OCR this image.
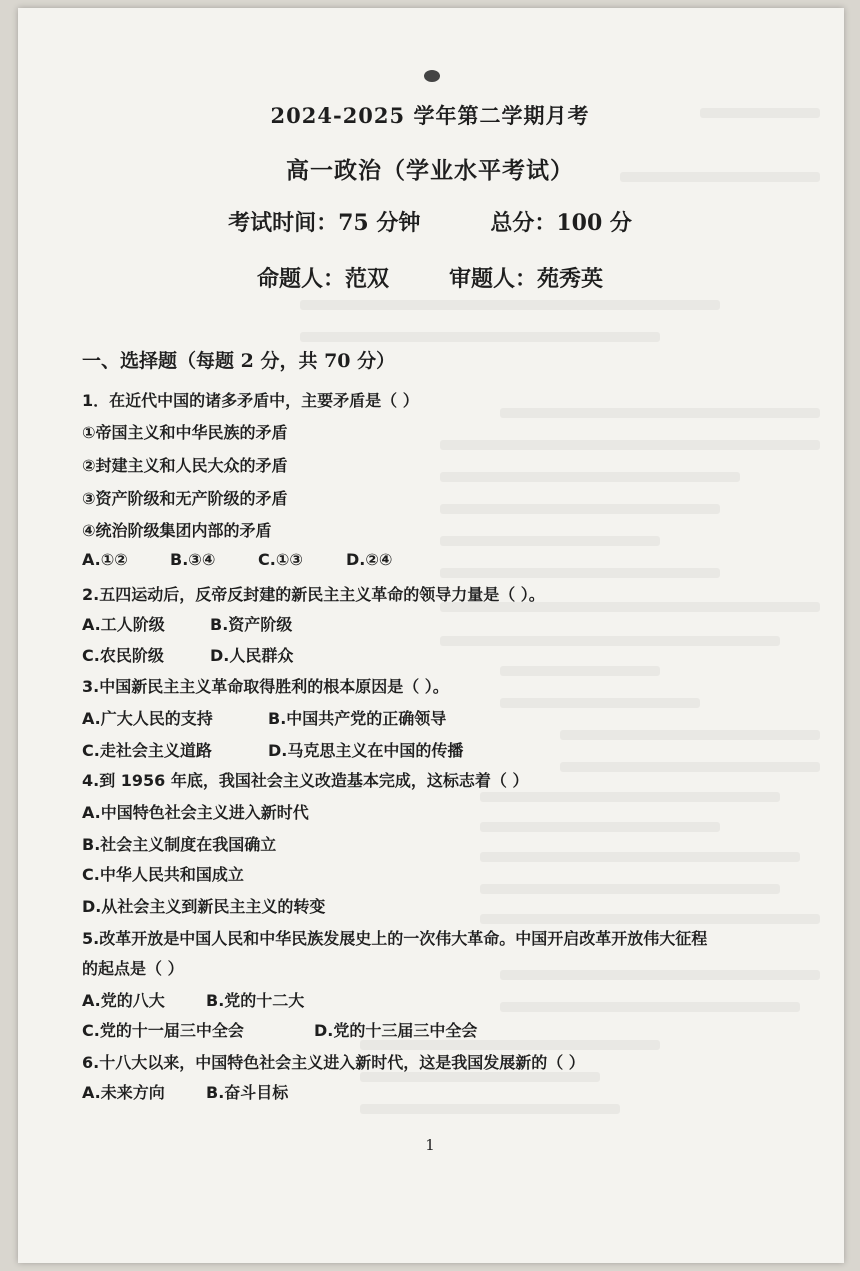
2024-2025 学年第二学期月考
高一政治（学业水平考试）
考试时间：75 分钟	总分：100 分
命题人：范双	审题人：苑秀英
一、选择题（每题 2 分，共 70 分）
1．在近代中国的诸多矛盾中，主要矛盾是（ ）
①帝国主义和中华民族的矛盾
②封建主义和人民大众的矛盾
③资产阶级和无产阶级的矛盾
④统治阶级集团内部的矛盾
A.①②	B.③④	C.①③	D.②④
2.五四运动后，反帝反封建的新民主主义革命的领导力量是（ ）。
A.工人阶级	B.资产阶级
C.农民阶级	D.人民群众
3.中国新民主主义革命取得胜利的根本原因是（ ）。
A.广大人民的支持	B.中国共产党的正确领导
C.走社会主义道路	D.马克思主义在中国的传播
4.到 1956 年底，我国社会主义改造基本完成，这标志着（ ）
A.中国特色社会主义进入新时代
B.社会主义制度在我国确立
C.中华人民共和国成立
D.从社会主义到新民主主义的转变
5.改革开放是中国人民和中华民族发展史上的一次伟大革命。中国开启改革开放伟大征程
的起点是（ ）
A.党的八大	B.党的十二大
C.党的十一届三中全会	D.党的十三届三中全会
6.十八大以来，中国特色社会主义进入新时代，这是我国发展新的（ ）
A.未来方向	B.奋斗目标
1
